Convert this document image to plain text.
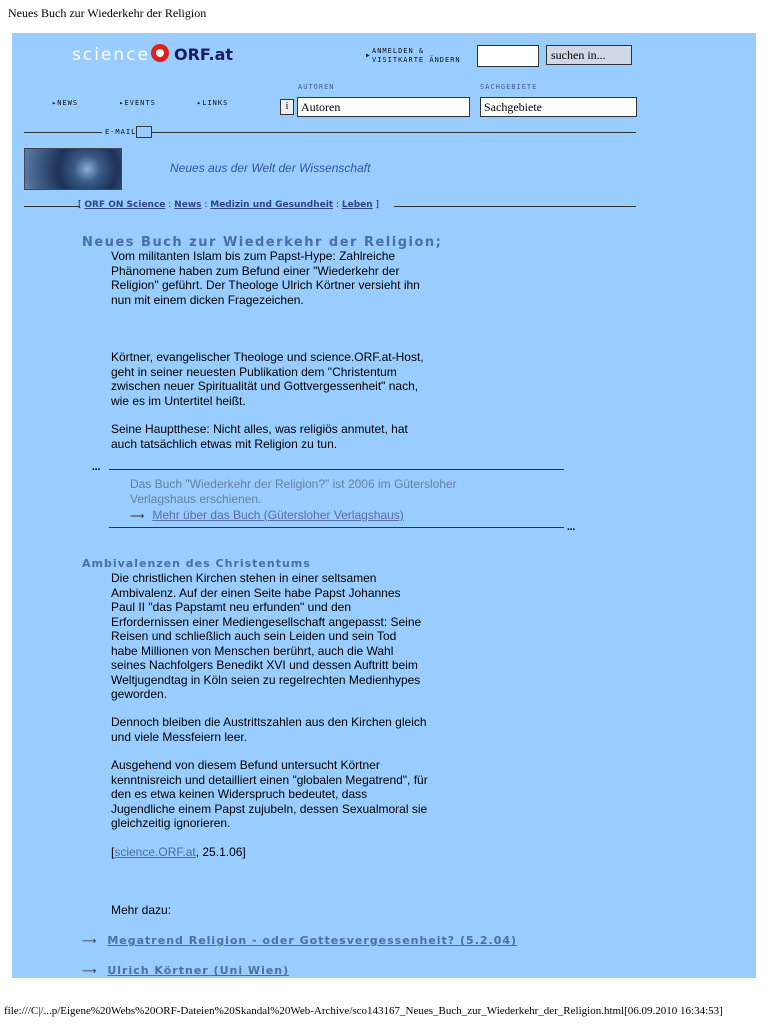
Neues Buch zur Wiederkehr der Religion
science ORF.at	▶
ANMELDEN &
VISITKARTE ÄNDERN	suchen in...
AUTOREN	SACHGEBIETE
▸NEWS	▸EVENTS	▸LINKS	i	Autoren	Sachgebiete
E-MAIL
Neues aus der Welt der Wissenschaft
[ ORF ON Science : News : Medizin und Gesundheit : Leben ]
Neues Buch zur Wiederkehr der Religion;
Vom militanten Islam bis zum Papst-Hype: Zahlreiche
Phänomene haben zum Befund einer "Wiederkehr der
Religion" geführt. Der Theologe Ulrich Körtner versieht ihn
nun mit einem dicken Fragezeichen.
Körtner, evangelischer Theologe und science.ORF.at-Host,
geht in seiner neuesten Publikation dem "Christentum
zwischen neuer Spiritualität und Gottvergessenheit" nach,
wie es im Untertitel heißt.
Seine Hauptthese: Nicht alles, was religiös anmutet, hat
auch tatsächlich etwas mit Religion zu tun.
...
Das Buch "Wiederkehr der Religion?" ist 2006 im Gütersloher
Verlagshaus erschienen.
⟶ Mehr über das Buch (Gütersloher Verlagshaus)
...
Ambivalenzen des Christentums
Die christlichen Kirchen stehen in einer seltsamen
Ambivalenz. Auf der einen Seite habe Papst Johannes
Paul II "das Papstamt neu erfunden" und den
Erfordernissen einer Mediengesellschaft angepasst: Seine
Reisen und schließlich auch sein Leiden und sein Tod
habe Millionen von Menschen berührt, auch die Wahl
seines Nachfolgers Benedikt XVI und dessen Auftritt beim
Weltjugendtag in Köln seien zu regelrechten Medienhypes
geworden.
Dennoch bleiben die Austrittszahlen aus den Kirchen gleich
und viele Messfeiern leer.
Ausgehend von diesem Befund untersucht Körtner
kenntnisreich und detailliert einen "globalen Megatrend", für
den es etwa keinen Widerspruch bedeutet, dass
Jugendliche einem Papst zujubeln, dessen Sexualmoral sie
gleichzeitig ignorieren.
[science.ORF.at, 25.1.06]
Mehr dazu:
⟶ Megatrend Religion - oder Gottesvergessenheit? (5.2.04)
⟶ Ulrich Körtner (Uni Wien)
file:///C|/...p/Eigene%20Webs%20ORF-Dateien%20Skandal%20Web-Archive/sco143167_Neues_Buch_zur_Wiederkehr_der_Religion.html[06.09.2010 16:34:53]
